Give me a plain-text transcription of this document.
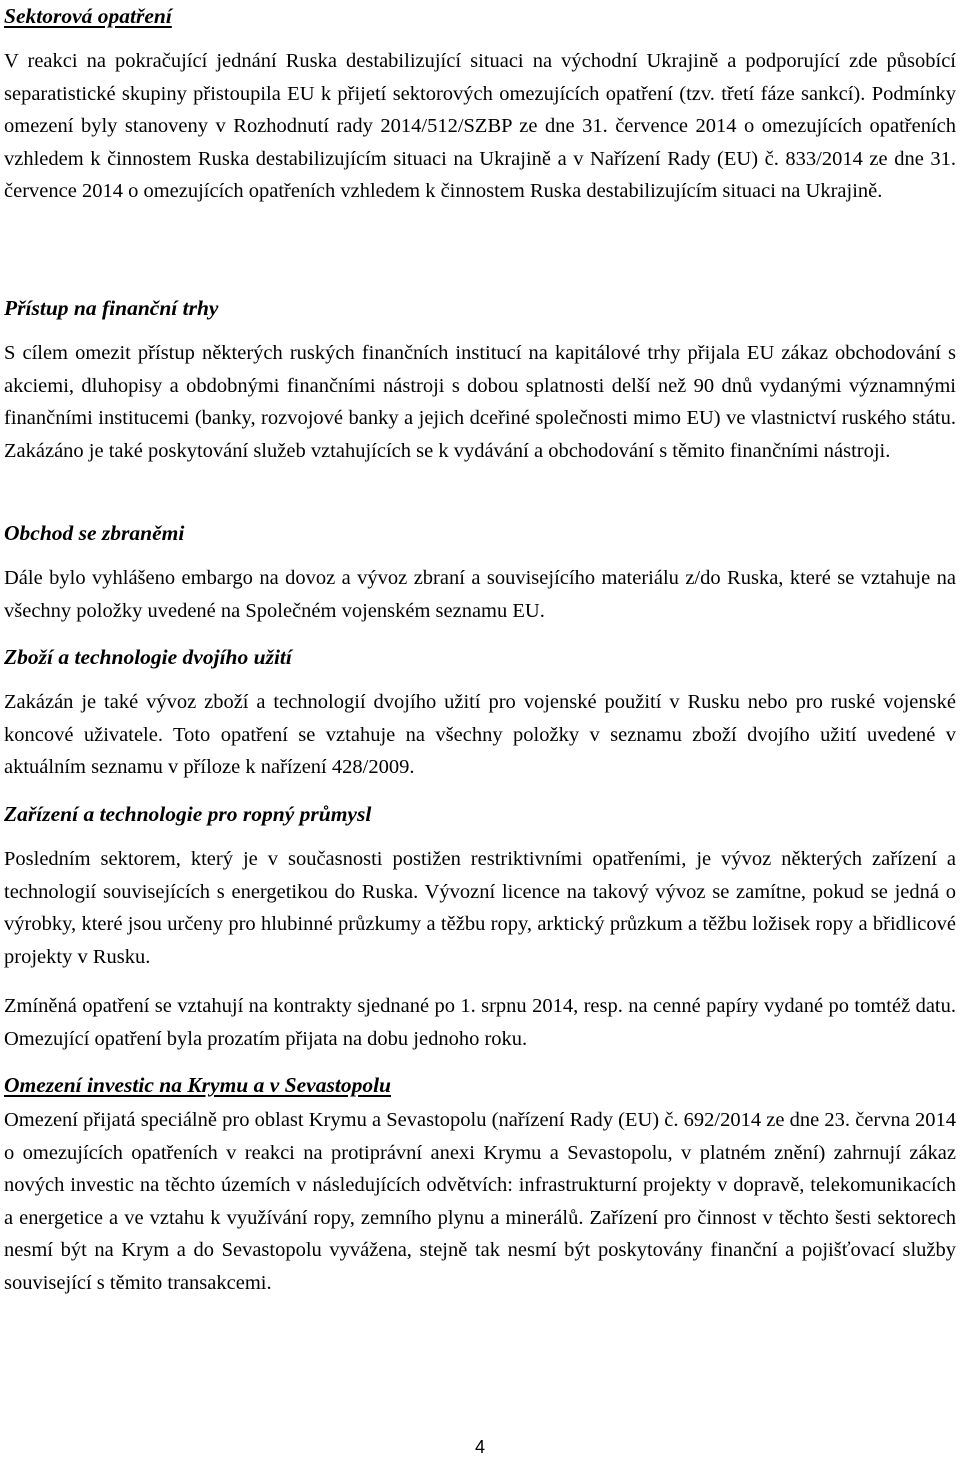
Sektorová opatření

V reakci na pokračující jednání Ruska destabilizující situaci na východní Ukrajině a podporující zde působící separatistické skupiny přistoupila EU k přijetí sektorových omezujících opatření (tzv. třetí fáze sankcí). Podmínky omezení byly stanoveny v Rozhodnutí rady 2014/512/SZBP ze dne 31. července 2014 o omezujících opatřeních vzhledem k činnostem Ruska destabilizujícím situaci na Ukrajině a v Nařízení Rady (EU) č. 833/2014 ze dne 31. července 2014 o omezujících opatřeních vzhledem k činnostem Ruska destabilizujícím situaci na Ukrajině.

Přístup na finanční trhy

S cílem omezit přístup některých ruských finančních institucí na kapitálové trhy přijala EU zákaz obchodování s akciemi, dluhopisy a obdobnými finančními nástroji s dobou splatnosti delší než 90 dnů vydanými významnými finančními institucemi (banky, rozvojové banky a jejich dceřiné společnosti mimo EU) ve vlastnictví ruského státu. Zakázáno je také poskytování služeb vztahujících se k vydávání a obchodování s těmito finančními nástroji.

Obchod se zbraněmi

Dále bylo vyhlášeno embargo na dovoz a vývoz zbraní a souvisejícího materiálu z/do Ruska, které se vztahuje na všechny položky uvedené na Společném vojenském seznamu EU.

Zboží a technologie dvojího užití

Zakázán je také vývoz zboží a technologií dvojího užití pro vojenské použití v Rusku nebo pro ruské vojenské koncové uživatele. Toto opatření se vztahuje na všechny položky v seznamu zboží dvojího užití uvedené v aktuálním seznamu v příloze k nařízení 428/2009.

Zařízení a technologie pro ropný průmysl

Posledním sektorem, který je v současnosti postižen restriktivními opatřeními, je vývoz některých zařízení a technologií souvisejících s energetikou do Ruska. Vývozní licence na takový vývoz se zamítne, pokud se jedná o výrobky, které jsou určeny pro hlubinné průzkumy a těžbu ropy, arktický průzkum a těžbu ložisek ropy a břidlicové projekty v Rusku.

Zmíněná opatření se vztahují na kontrakty sjednané po 1. srpnu 2014, resp. na cenné papíry vydané po tomtéž datu. Omezující opatření byla prozatím přijata na dobu jednoho roku.

Omezení investic na Krymu a v Sevastopolu

Omezení přijatá speciálně pro oblast Krymu a Sevastopolu (nařízení Rady (EU) č. 692/2014 ze dne 23. června 2014 o omezujících opatřeních v reakci na protiprávní anexi Krymu a Sevastopolu, v platném znění) zahrnují zákaz nových investic na těchto územích v následujících odvětvích: infrastrukturní projekty v dopravě, telekomunikacích a energetice a ve vztahu k využívání ropy, zemního plynu a minerálů. Zařízení pro činnost v těchto šesti sektorech nesmí být na Krym a do Sevastopolu vyvážena, stejně tak nesmí být poskytovány finanční a pojišťovací služby související s těmito transakcemi.

4
